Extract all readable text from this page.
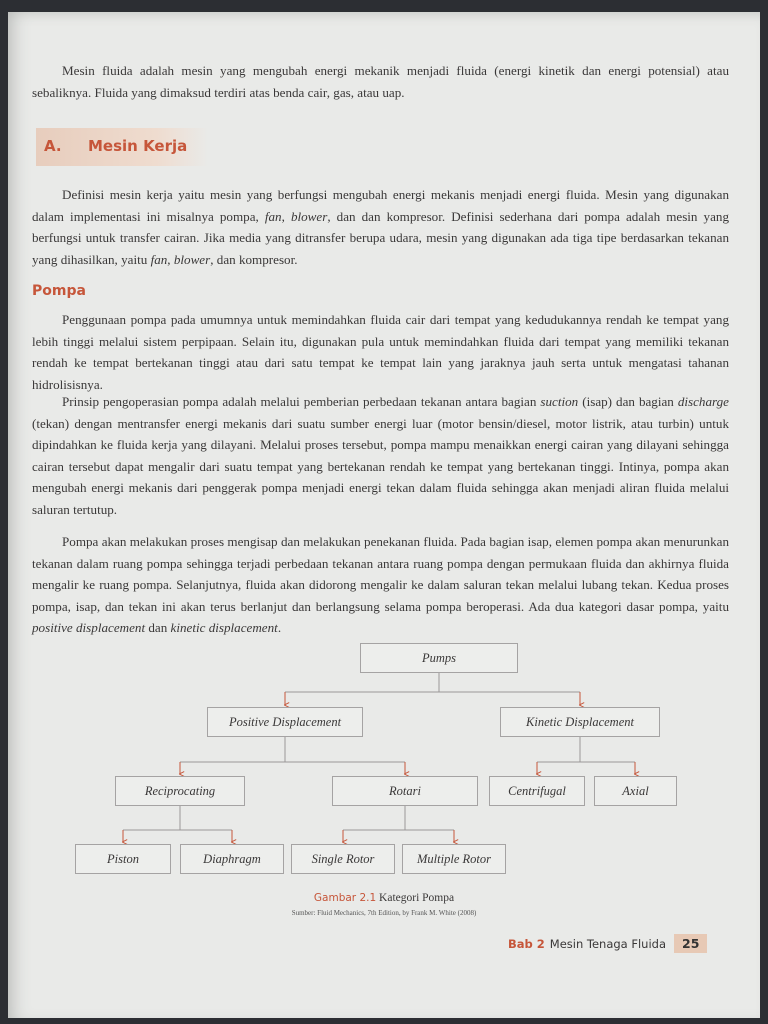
Mesin fluida adalah mesin yang mengubah energi mekanik menjadi fluida (energi kinetik dan energi potensial) atau sebaliknya. Fluida yang dimaksud terdiri atas benda cair, gas, atau uap.

A. Mesin Kerja

Definisi mesin kerja yaitu mesin yang berfungsi mengubah energi mekanis menjadi energi fluida. Mesin yang digunakan dalam implementasi ini misalnya pompa, fan, blower, dan dan kompresor. Definisi sederhana dari pompa adalah mesin yang berfungsi untuk transfer cairan. Jika media yang ditransfer berupa udara, mesin yang digunakan ada tiga tipe berdasarkan tekanan yang dihasilkan, yaitu fan, blower, dan kompresor.

Pompa

Penggunaan pompa pada umumnya untuk memindahkan fluida cair dari tempat yang kedudukannya rendah ke tempat yang lebih tinggi melalui sistem perpipaan. Selain itu, digunakan pula untuk memindahkan fluida dari tempat yang memiliki tekanan rendah ke tempat bertekanan tinggi atau dari satu tempat ke tempat lain yang jaraknya jauh serta untuk mengatasi tahanan hidrolisisnya.

Prinsip pengoperasian pompa adalah melalui pemberian perbedaan tekanan antara bagian suction (isap) dan bagian discharge (tekan) dengan mentransfer energi mekanis dari suatu sumber energi luar (motor bensin/diesel, motor listrik, atau turbin) untuk dipindahkan ke fluida kerja yang dilayani. Melalui proses tersebut, pompa mampu menaikkan energi cairan yang dilayani sehingga cairan tersebut dapat mengalir dari suatu tempat yang bertekanan rendah ke tempat yang bertekanan tinggi. Intinya, pompa akan mengubah energi mekanis dari penggerak pompa menjadi energi tekan dalam fluida sehingga akan menjadi aliran fluida melalui saluran tertutup.

Pompa akan melakukan proses mengisap dan melakukan penekanan fluida. Pada bagian isap, elemen pompa akan menurunkan tekanan dalam ruang pompa sehingga terjadi perbedaan tekanan antara ruang pompa dengan permukaan fluida dan akhirnya fluida mengalir ke ruang pompa. Selanjutnya, fluida akan didorong mengalir ke dalam saluran tekan melalui lubang tekan. Kedua proses pompa, isap, dan tekan ini akan terus berlanjut dan berlangsung selama pompa beroperasi. Ada dua kategori dasar pompa, yaitu positive displacement dan kinetic displacement.

Pumps
Positive Displacement	Kinetic Displacement
Reciprocating	Rotari	Centrifugal	Axial
Piston	Diaphragm	Single Rotor	Multiple Rotor
Gambar 2.1 Kategori Pompa
Sumber: Fluid Mechanics, 7th Edition, by Frank M. White (2008)
Bab 2 Mesin Tenaga Fluida	25
